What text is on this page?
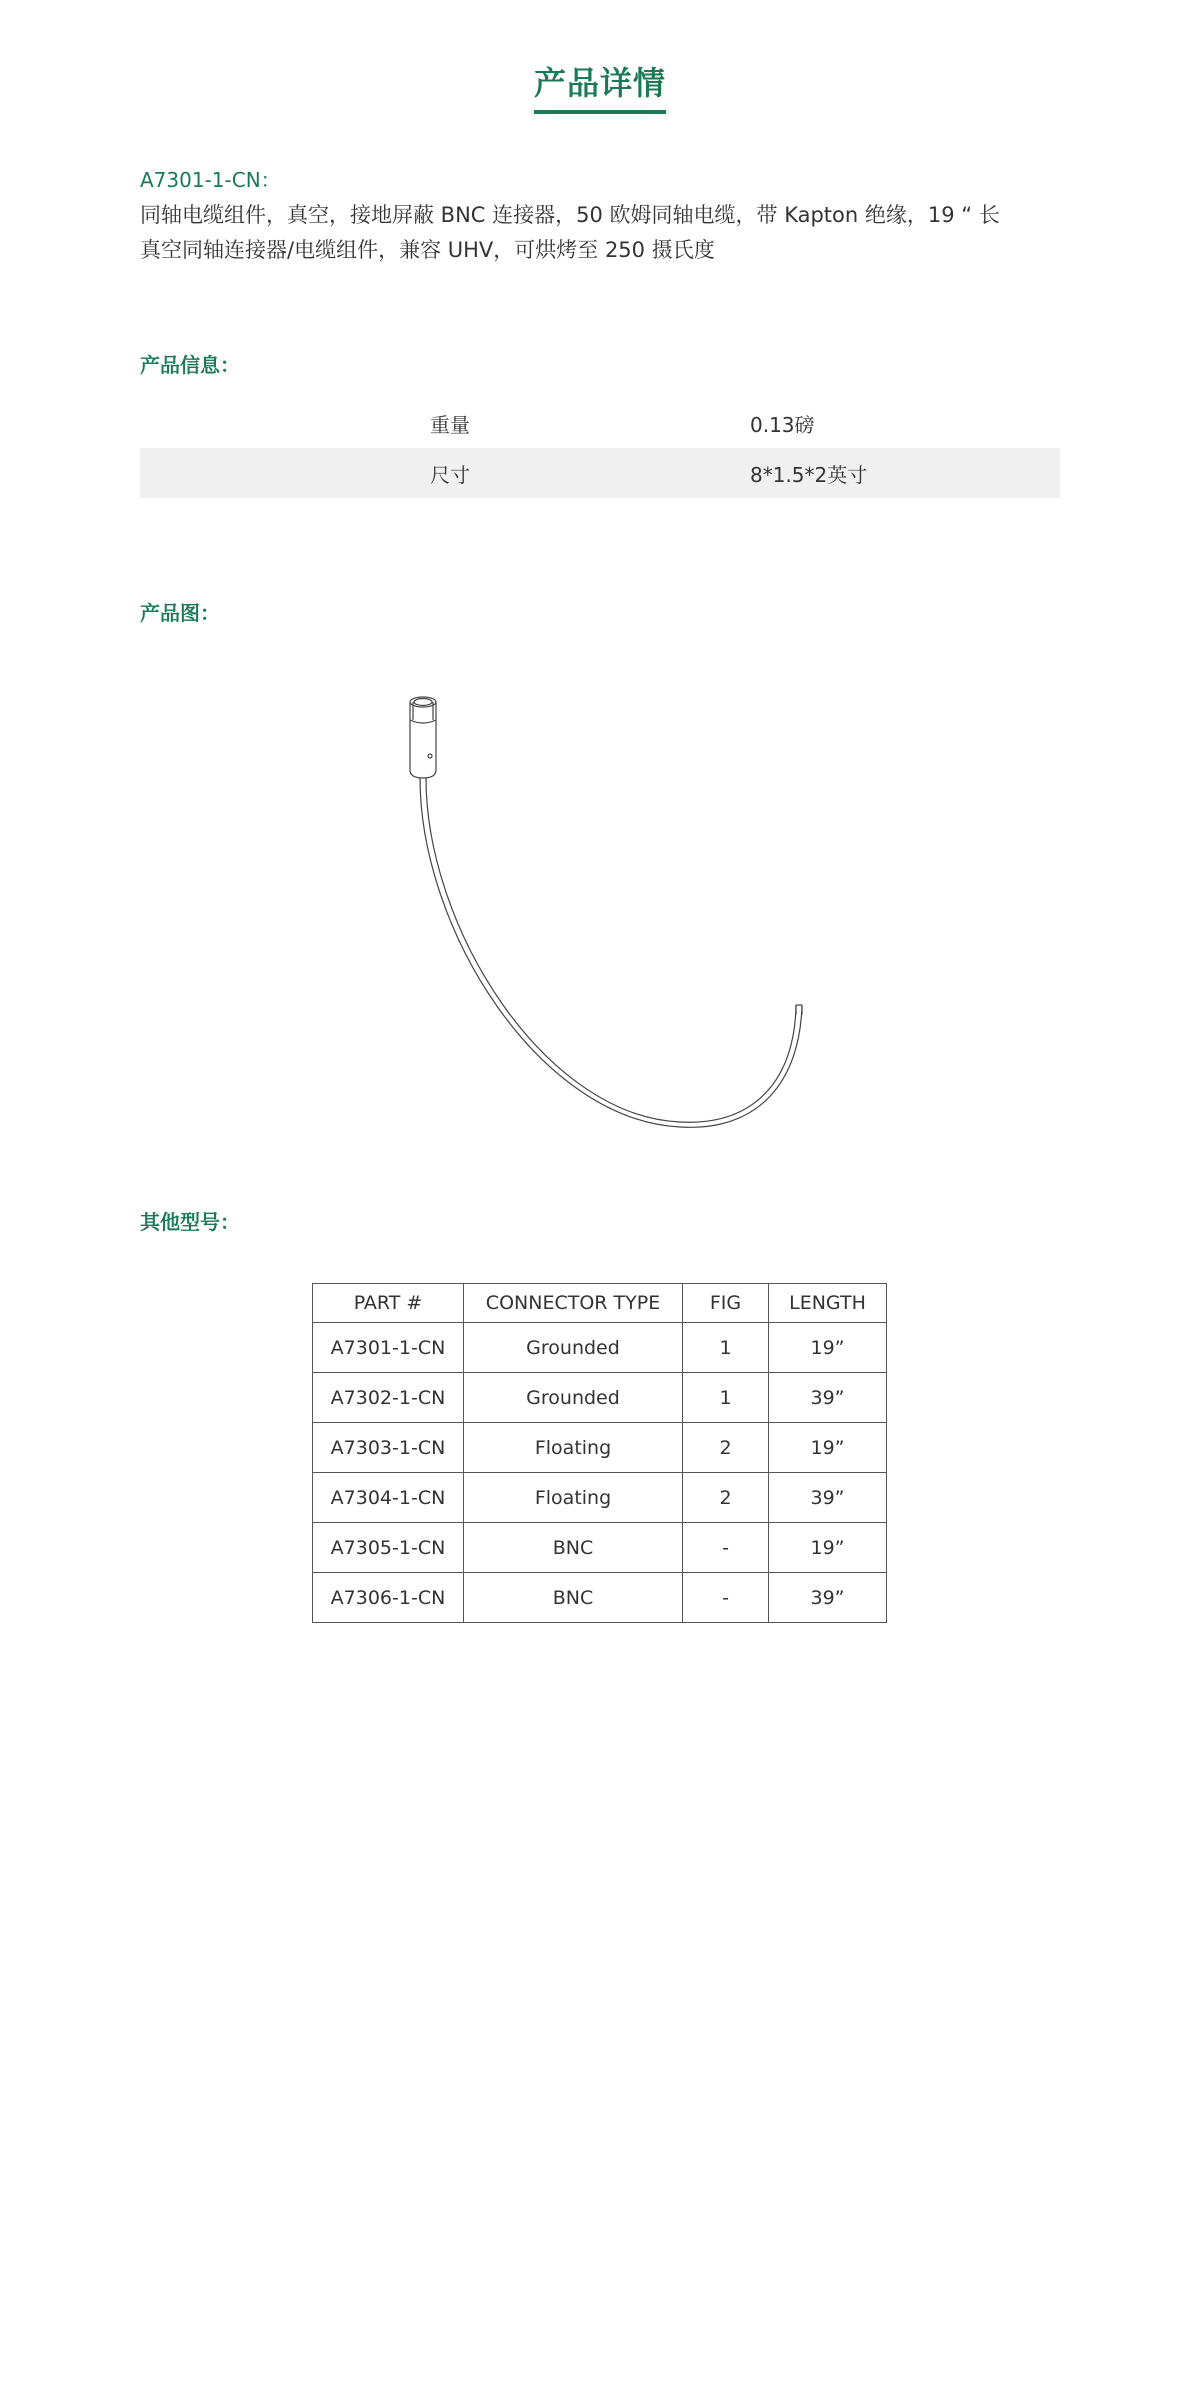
产品详情
A7301-1-CN：
同轴电缆组件，真空，接地屏蔽 BNC 连接器，50 欧姆同轴电缆，带 Kapton 绝缘，19 “ 长
真空同轴连接器/电缆组件，兼容 UHV，可烘烤至 250 摄氏度
产品信息：
重量	0.13磅
尺寸	8*1.5*2英寸
产品图：
其他型号：
PART #	CONNECTOR TYPE	FIG	LENGTH
A7301-1-CN	Grounded	1	19”
A7302-1-CN	Grounded	1	39”
A7303-1-CN	Floating	2	19”
A7304-1-CN	Floating	2	39”
A7305-1-CN	BNC	-	19”
A7306-1-CN	BNC	-	39”
